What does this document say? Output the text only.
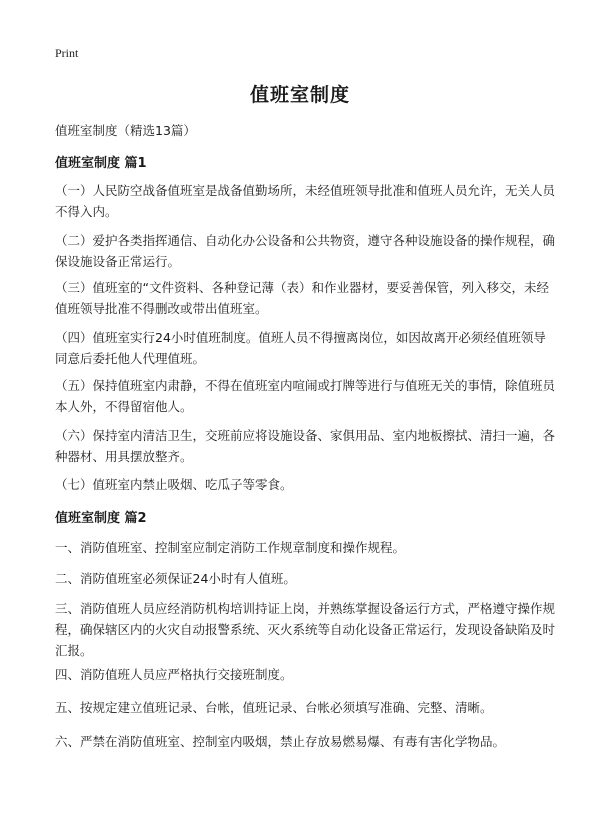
Print
值班室制度

值班室制度（精选13篇）

值班室制度 篇1

（一）人民防空战备值班室是战备值勤场所，未经值班领导批准和值班人员允许，无关人员不得入内。

（二）爱护各类指挥通信、自动化办公设备和公共物资，遵守各种设施设备的操作规程，确保设施设备正常运行。

（三）值班室的“文件资料、各种登记薄（表）和作业器材，要妥善保管，列入移交，未经值班领导批准不得删改或带出值班室。

（四）值班室实行24小时值班制度。值班人员不得擅离岗位，如因故离开必须经值班领导同意后委托他人代理值班。

（五）保持值班室内肃静，不得在值班室内喧闹或打牌等进行与值班无关的事情，除值班员本人外，不得留宿他人。

（六）保持室内清洁卫生，交班前应将设施设备、家俱用品、室内地板擦拭、清扫一遍，各种器材、用具摆放整齐。

（七）值班室内禁止吸烟、吃瓜子等零食。

值班室制度 篇2

一、消防值班室、控制室应制定消防工作规章制度和操作规程。

二、消防值班室必须保证24小时有人值班。

三、消防值班人员应经消防机构培训持证上岗，并熟练掌握设备运行方式，严格遵守操作规程，确保辖区内的火灾自动报警系统、灭火系统等自动化设备正常运行，发现设备缺陷及时汇报。

四、消防值班人员应严格执行交接班制度。

五、按规定建立值班记录、台帐，值班记录、台帐必须填写准确、完整、清晰。

六、严禁在消防值班室、控制室内吸烟，禁止存放易燃易爆、有毒有害化学物品。
